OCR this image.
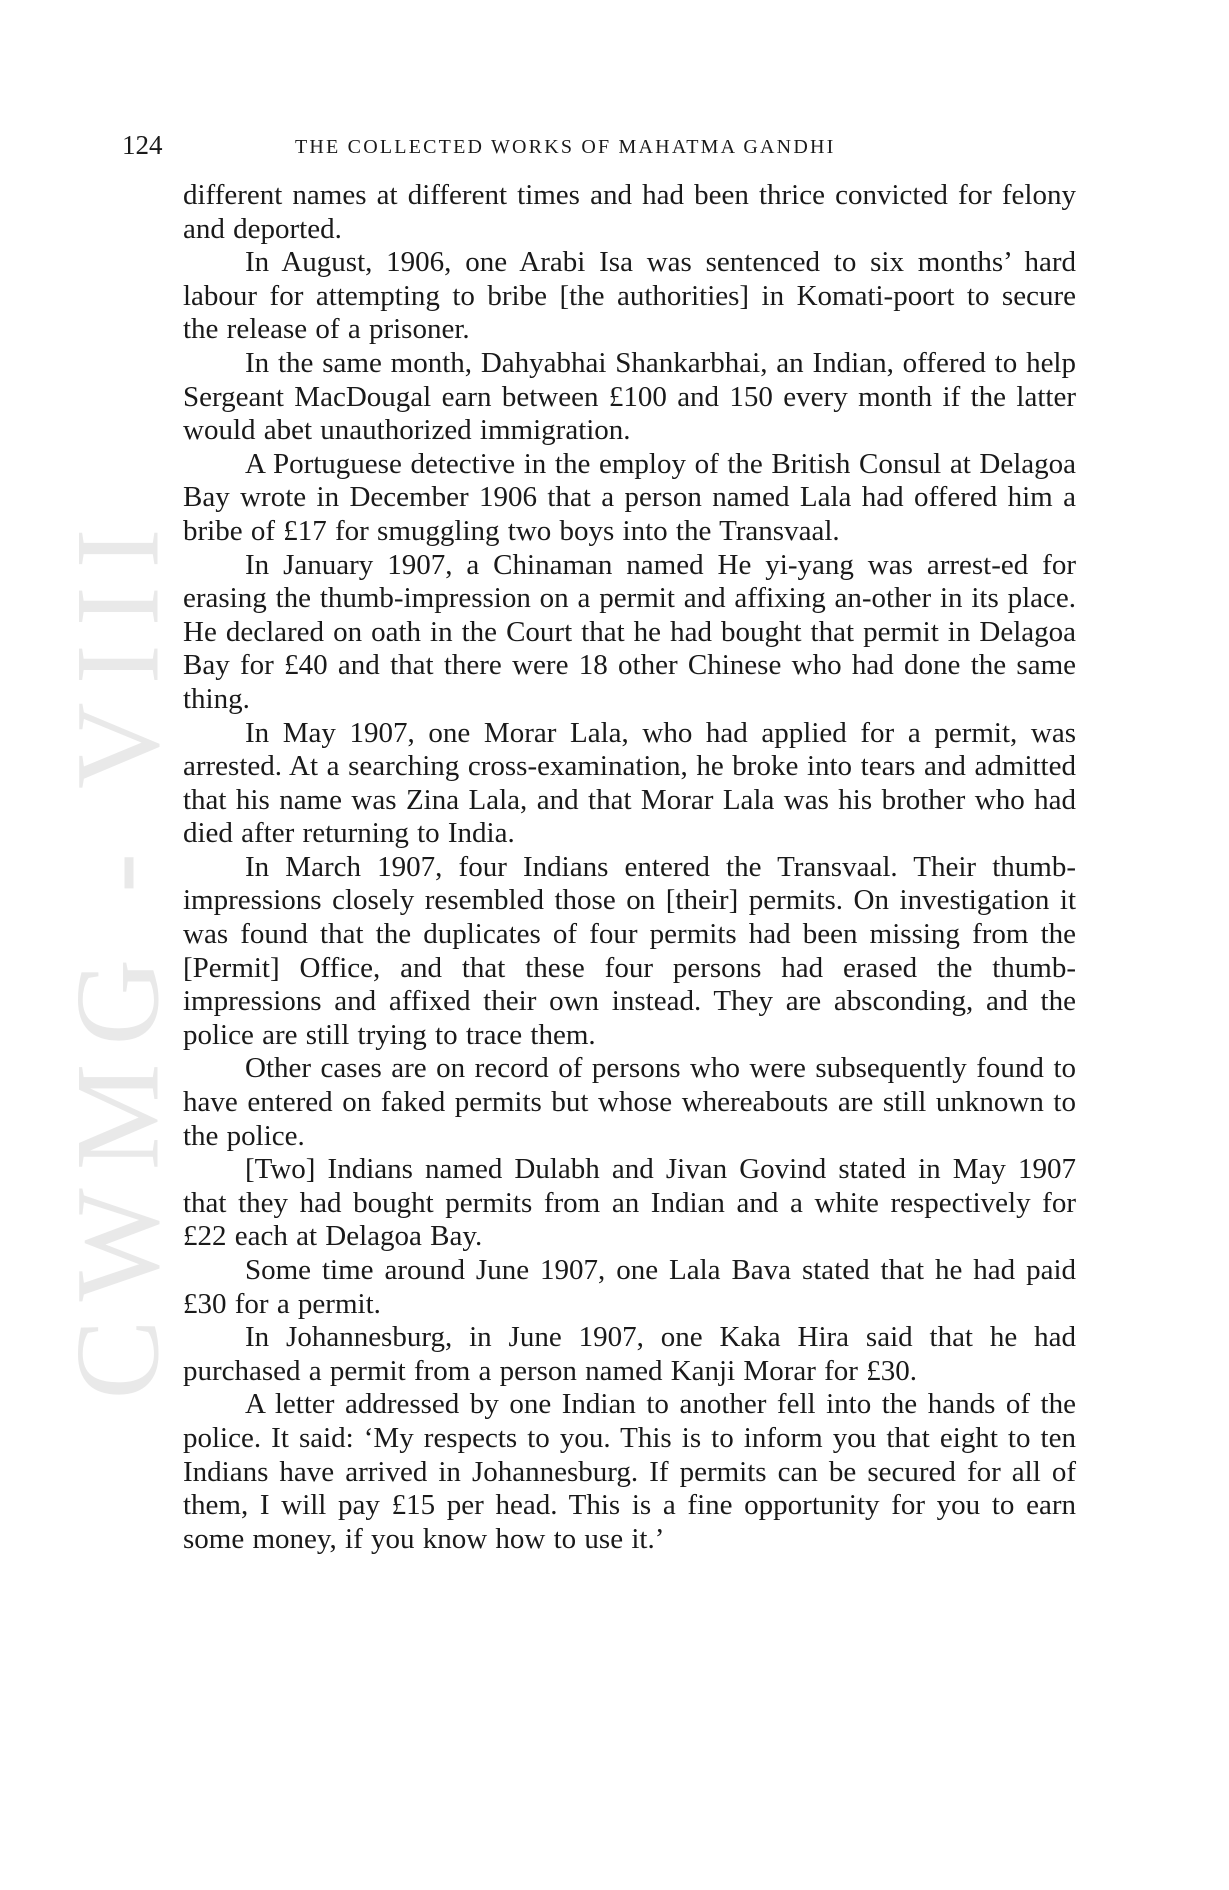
CWMG - VIII
124	THE COLLECTED WORKS OF MAHATMA GANDHI

different names at different times and had been thrice convicted for felony and deported.

In August, 1906, one Arabi Isa was sentenced to six months’ hard labour for attempting to bribe [the authorities] in Komati-poort to secure the release of a prisoner.

In the same month, Dahyabhai Shankarbhai, an Indian, offered to help Sergeant MacDougal earn between £100 and 150 every month if the latter would abet unauthorized immigration.

A Portuguese detective in the employ of the British Consul at Delagoa Bay wrote in December 1906 that a person named Lala had offered him a bribe of £17 for smuggling two boys into the Transvaal.

In January 1907, a Chinaman named He yi-yang was arrest-ed for erasing the thumb-impression on a permit and affixing an-other in its place. He declared on oath in the Court that he had bought that permit in Delagoa Bay for £40 and that there were 18 other Chinese who had done the same thing.

In May 1907, one Morar Lala, who had applied for a permit, was arrested. At a searching cross-examination, he broke into tears and admitted that his name was Zina Lala, and that Morar Lala was his brother who had died after returning to India.

In March 1907, four Indians entered the Transvaal. Their thumb-impressions closely resembled those on [their] permits. On investigation it was found that the duplicates of four permits had been missing from the [Permit] Office, and that these four persons had erased the thumb-impressions and affixed their own instead. They are absconding, and the police are still trying to trace them.

Other cases are on record of persons who were subsequently found to have entered on faked permits but whose whereabouts are still unknown to the police.

[Two] Indians named Dulabh and Jivan Govind stated in May 1907 that they had bought permits from an Indian and a white respectively for £22 each at Delagoa Bay.

Some time around June 1907, one Lala Bava stated that he had paid £30 for a permit.

In Johannesburg, in June 1907, one Kaka Hira said that he had purchased a permit from a person named Kanji Morar for £30.

A letter addressed by one Indian to another fell into the hands of the police. It said: ‘My respects to you. This is to inform you that eight to ten Indians have arrived in Johannesburg. If permits can be secured for all of them, I will pay £15 per head. This is a fine opportunity for you to earn some money, if you know how to use it.’
